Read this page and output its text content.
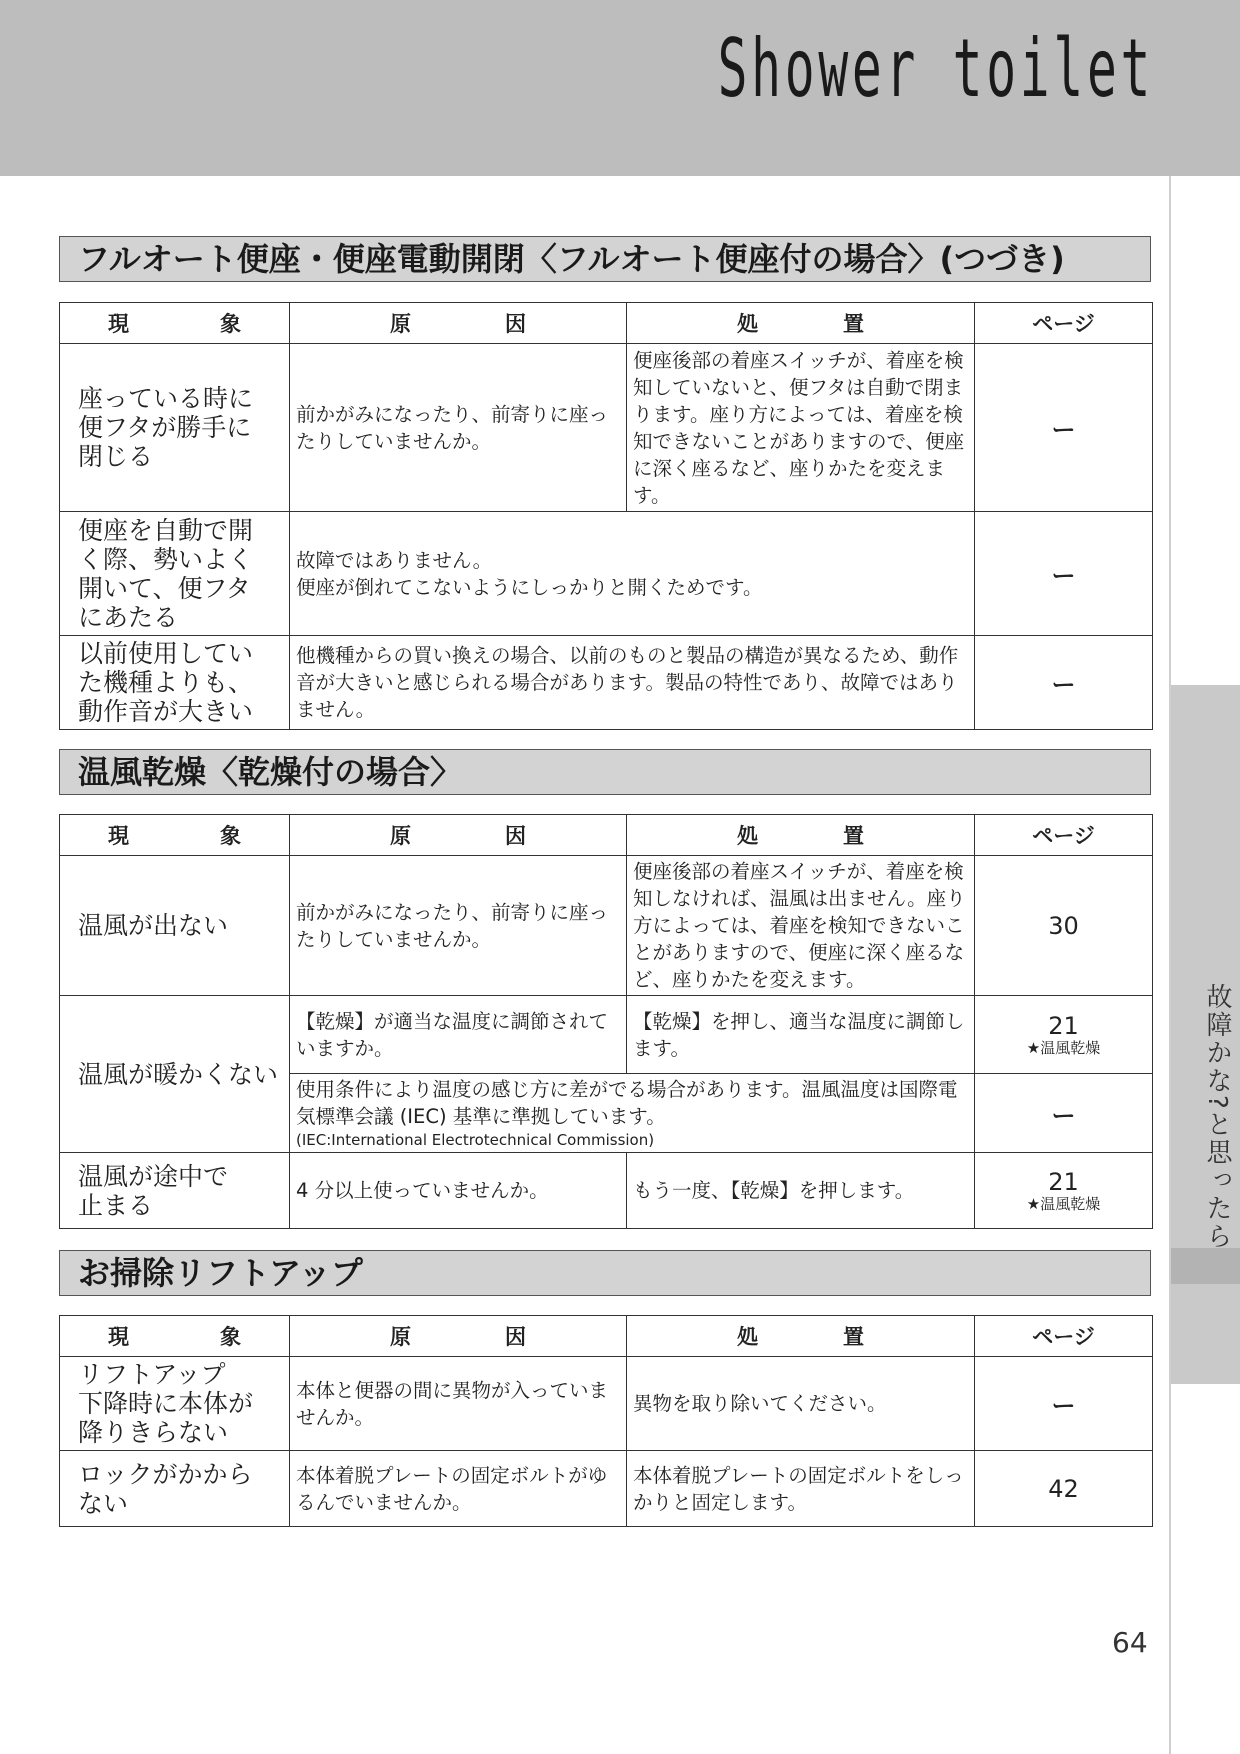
Shower toilet
故障かな?と思ったら
フルオート便座・便座電動開閉〈フルオート便座付の場合〉(つづき)
現 象	原 因	処 置	ページ

座っている時に
便フタが勝手に
閉じる	前かがみになったり、前寄りに座ったりしていませんか。	便座後部の着座スイッチが、着座を検知していないと、便フタは自動で閉まります。座り方によっては、着座を検知できないことがありますので、便座に深く座るなど、座りかたを変えます。	ー

便座を自動で開
く際、勢いよく
開いて、便フタ
にあたる	故障ではありません。
便座が倒れてこないようにしっかりと開くためです。		ー

以前使用してい
た機種よりも、
動作音が大きい	他機種からの買い換えの場合、以前のものと製品の構造が異なるため、動作音が大きいと感じられる場合があります。製品の特性であり、故障ではありません。		ー
温風乾燥〈乾燥付の場合〉
現 象	原 因	処 置	ページ
温風が出ない	前かがみになったり、前寄りに座ったりしていませんか。	便座後部の着座スイッチが、着座を検知しなければ、温風は出ません。座り方によっては、着座を検知できないことがありますので、便座に深く座るなど、座りかたを変えます。	30
温風が暖かくない	【乾燥】が適当な温度に調節されていますか。	【乾燥】を押し、適当な温度に調節します。	21
★温風乾燥

	使用条件により温度の感じ方に差がでる場合があります。温風温度は国際電気標準会議 (IEC) 基準に準拠しています。
(IEC:International Electrotechnical Commission)		ー

温風が途中で
止まる	4 分以上使っていませんか。	もう一度、【乾燥】を押します。	21
★温風乾燥
お掃除リフトアップ
現 象	原 因	処 置	ページ

リフトアップ
下降時に本体が
降りきらない	本体と便器の間に異物が入っていませんか。	異物を取り除いてください。	ー

ロックがかから
ない	本体着脱プレートの固定ボルトがゆるんでいませんか。	本体着脱プレートの固定ボルトをしっかりと固定します。	42
64
